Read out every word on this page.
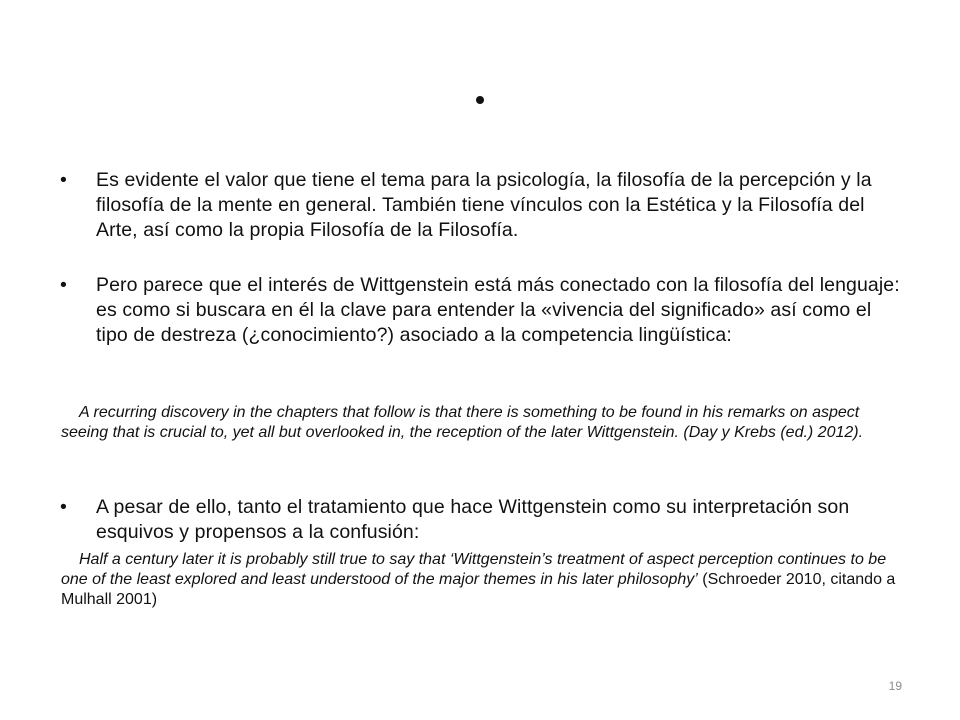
• Es evidente el valor que tiene el tema para la psicología, la filosofía de la percepción y la filosofía de la mente en general. También tiene vínculos con la Estética y la Filosofía del Arte, así como la propia Filosofía de la Filosofía.
• Pero parece que el interés de Wittgenstein está más conectado con la filosofía del lenguaje: es como si buscara en él la clave para entender la «vivencia del significado» así como el tipo de destreza (¿conocimiento?) asociado a la competencia lingüística:
A recurring discovery in the chapters that follow is that there is something to be found in his remarks on aspect seeing that is crucial to, yet all but overlooked in, the reception of the later Wittgenstein. (Day y Krebs (ed.) 2012).
• A pesar de ello, tanto el tratamiento que hace Wittgenstein como su interpretación son esquivos y propensos a la confusión:
Half a century later it is probably still true to say that ‘Wittgenstein’s treatment of aspect perception continues to be one of the least explored and least understood of the major themes in his later philosophy’ (Schroeder 2010, citando a Mulhall 2001)
19
